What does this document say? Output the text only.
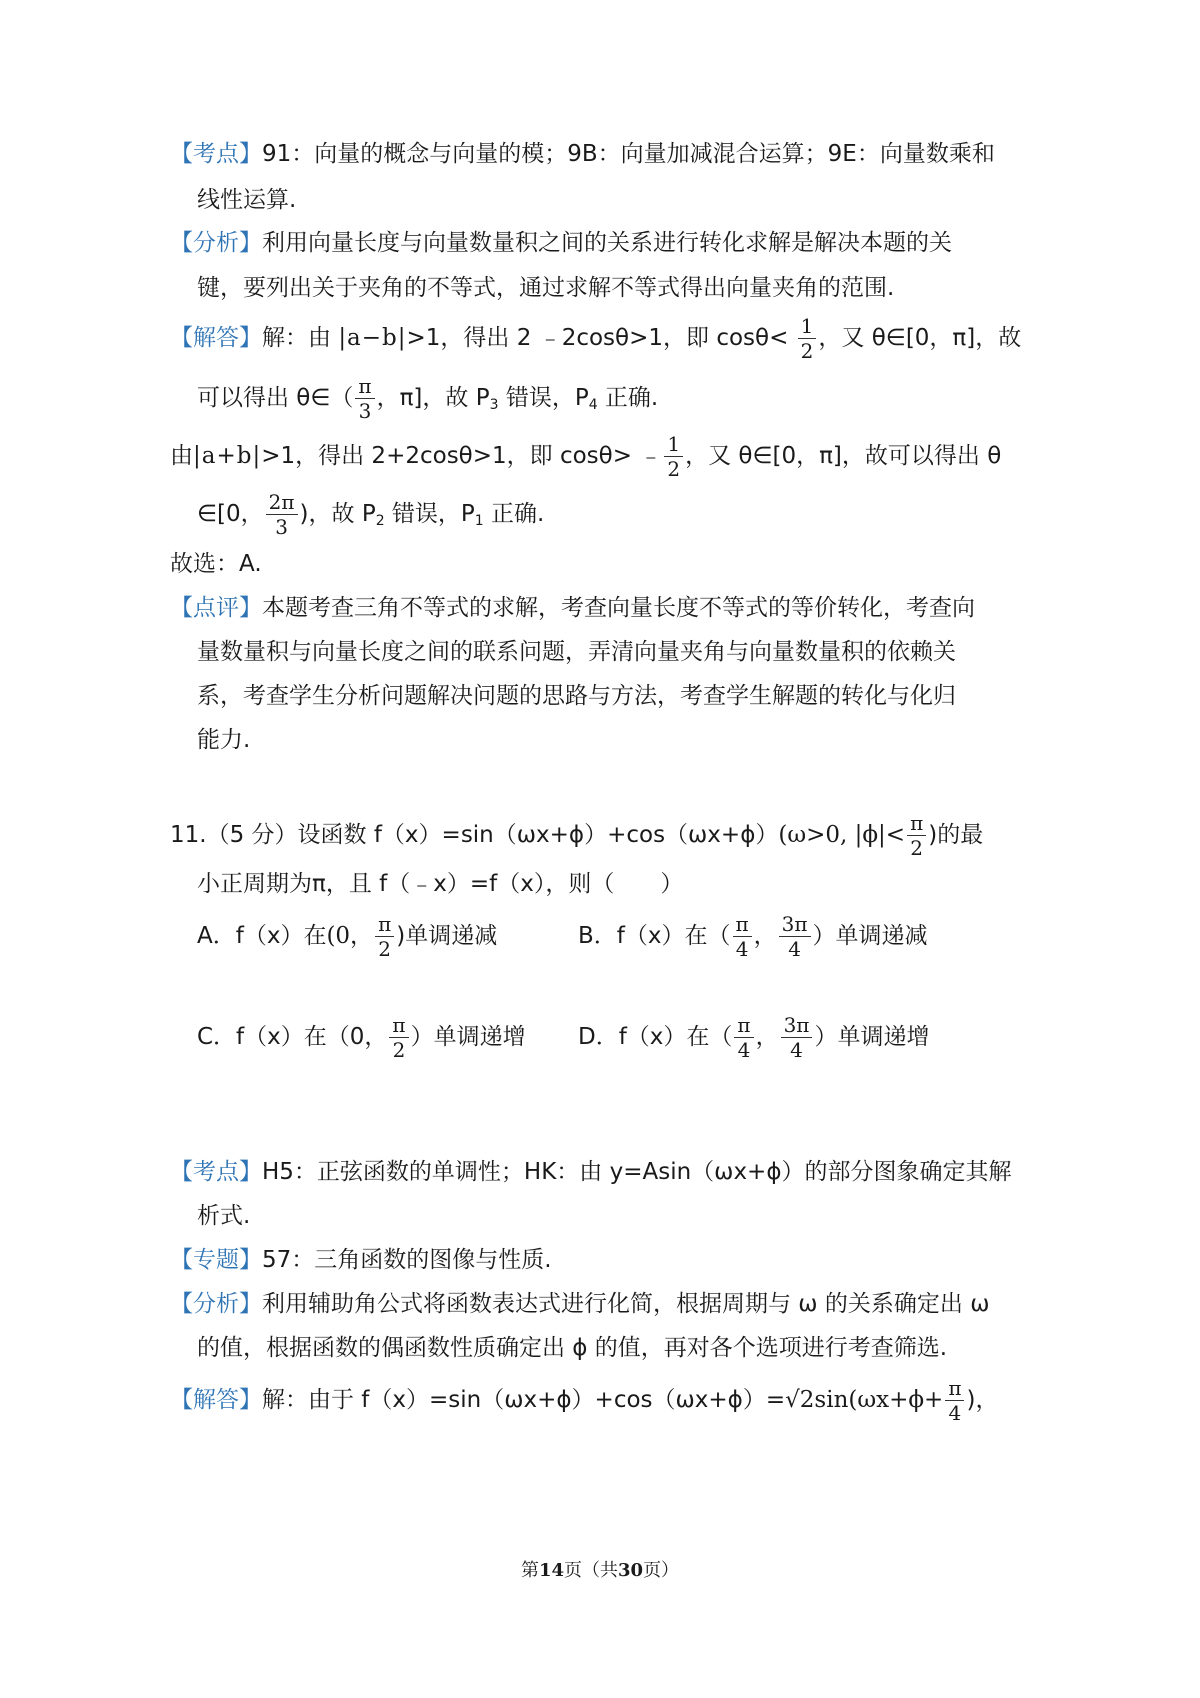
【考点】91：向量的概念与向量的模；9B：向量加减混合运算；9E：向量数乘和
线性运算.
【分析】利用向量长度与向量数量积之间的关系进行转化求解是解决本题的关
键，要列出关于夹角的不等式，通过求解不等式得出向量夹角的范围.
【解答】解：由 |a−b|>1，得出 2 ﹣2cosθ>1，即 $\cos\theta< \frac{1}{2}$ ，又 θ∈[0，π]，故
可以得出 θ∈（ $\frac{\pi}{3}$ ，π]，故 $P_3$ 错误，$P_4$ 正确.
由|a+b|>1，得出 2+2cosθ>1，即 cosθ> ﹣ $\frac{1}{2}$ ，又 θ∈[0，π]，故可以得出 θ
∈[0， $\frac{2\pi}{3}$ )，故 $P_2$ 错误，$P_1$ 正确.
故选：A.
【点评】本题考查三角不等式的求解，考查向量长度不等式的等价转化，考查向
量数量积与向量长度之间的联系问题，弄清向量夹角与向量数量积的依赖关
系，考查学生分析问题解决问题的思路与方法，考查学生解题的转化与化归
能力.
11.（5 分）设函数 f（x）=sin（ωx+ϕ）+cos（ωx+ϕ）(ω>0, $|\phi|< \frac{\pi}{2}$ )的最
小正周期为π，且 f（﹣x）=f（x），则（　　）
A．f（x）在(0， $\frac{\pi}{2}$ )单调递减	B．f（x）在（ $\frac{\pi}{4}$ ， $\frac{3\pi}{4}$ ）单调递减
C．f（x）在（0， $\frac{\pi}{2}$ ）单调递增 D．f（x）在（ $\frac{\pi}{4}$ ， $\frac{3\pi}{4}$ ）单调递增
【考点】H5：正弦函数的单调性；HK：由 y=Asin（ωx+ϕ）的部分图象确定其解
析式.
【专题】57：三角函数的图像与性质.
【分析】利用辅助角公式将函数表达式进行化简，根据周期与 ω 的关系确定出 ω
的值，根据函数的偶函数性质确定出 ϕ 的值，再对各个选项进行考查筛选.
【解答】解：由于 $f(x)=\sin(\omega x+\phi)+\cos(\omega x+\phi)=√2\sin(\omega x+\phi+ \frac{\pi}{4}$ )，
第14页（共30页）
